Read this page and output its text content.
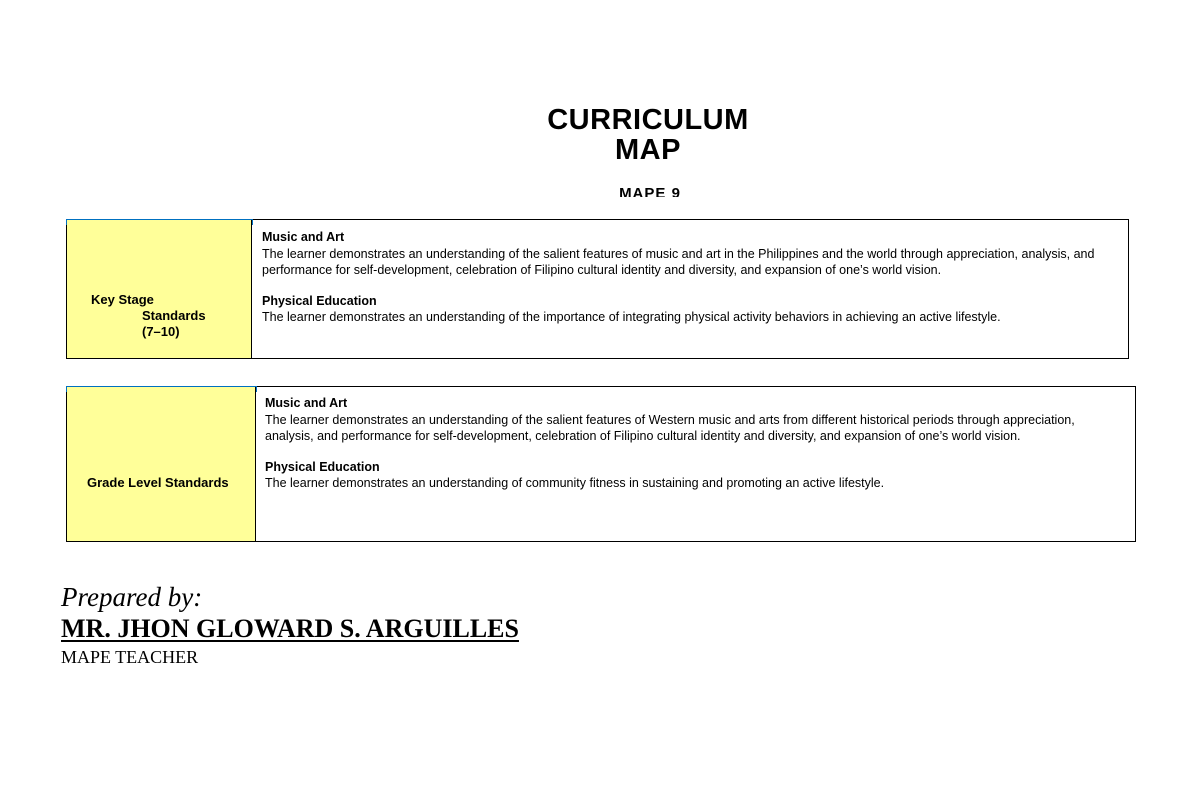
CURRICULUM
MAP
MAPE 9
Key Stage
Standards
(7–10)
Music and Art
The learner demonstrates an understanding of the salient features of music and art in the Philippines and the world through appreciation, analysis, and performance for self-development, celebration of Filipino cultural identity and diversity, and expansion of one’s world vision.
Physical Education
The learner demonstrates an understanding of the importance of integrating physical activity behaviors in achieving an active lifestyle.
Grade Level Standards
Music and Art
The learner demonstrates an understanding of the salient features of Western music and arts from different historical periods through appreciation, analysis, and performance for self-development, celebration of Filipino cultural identity and diversity, and expansion of one’s world vision.
Physical Education
The learner demonstrates an understanding of community fitness in sustaining and promoting an active lifestyle.
Prepared by:
MR. JHON GLOWARD S. ARGUILLES
MAPE TEACHER
